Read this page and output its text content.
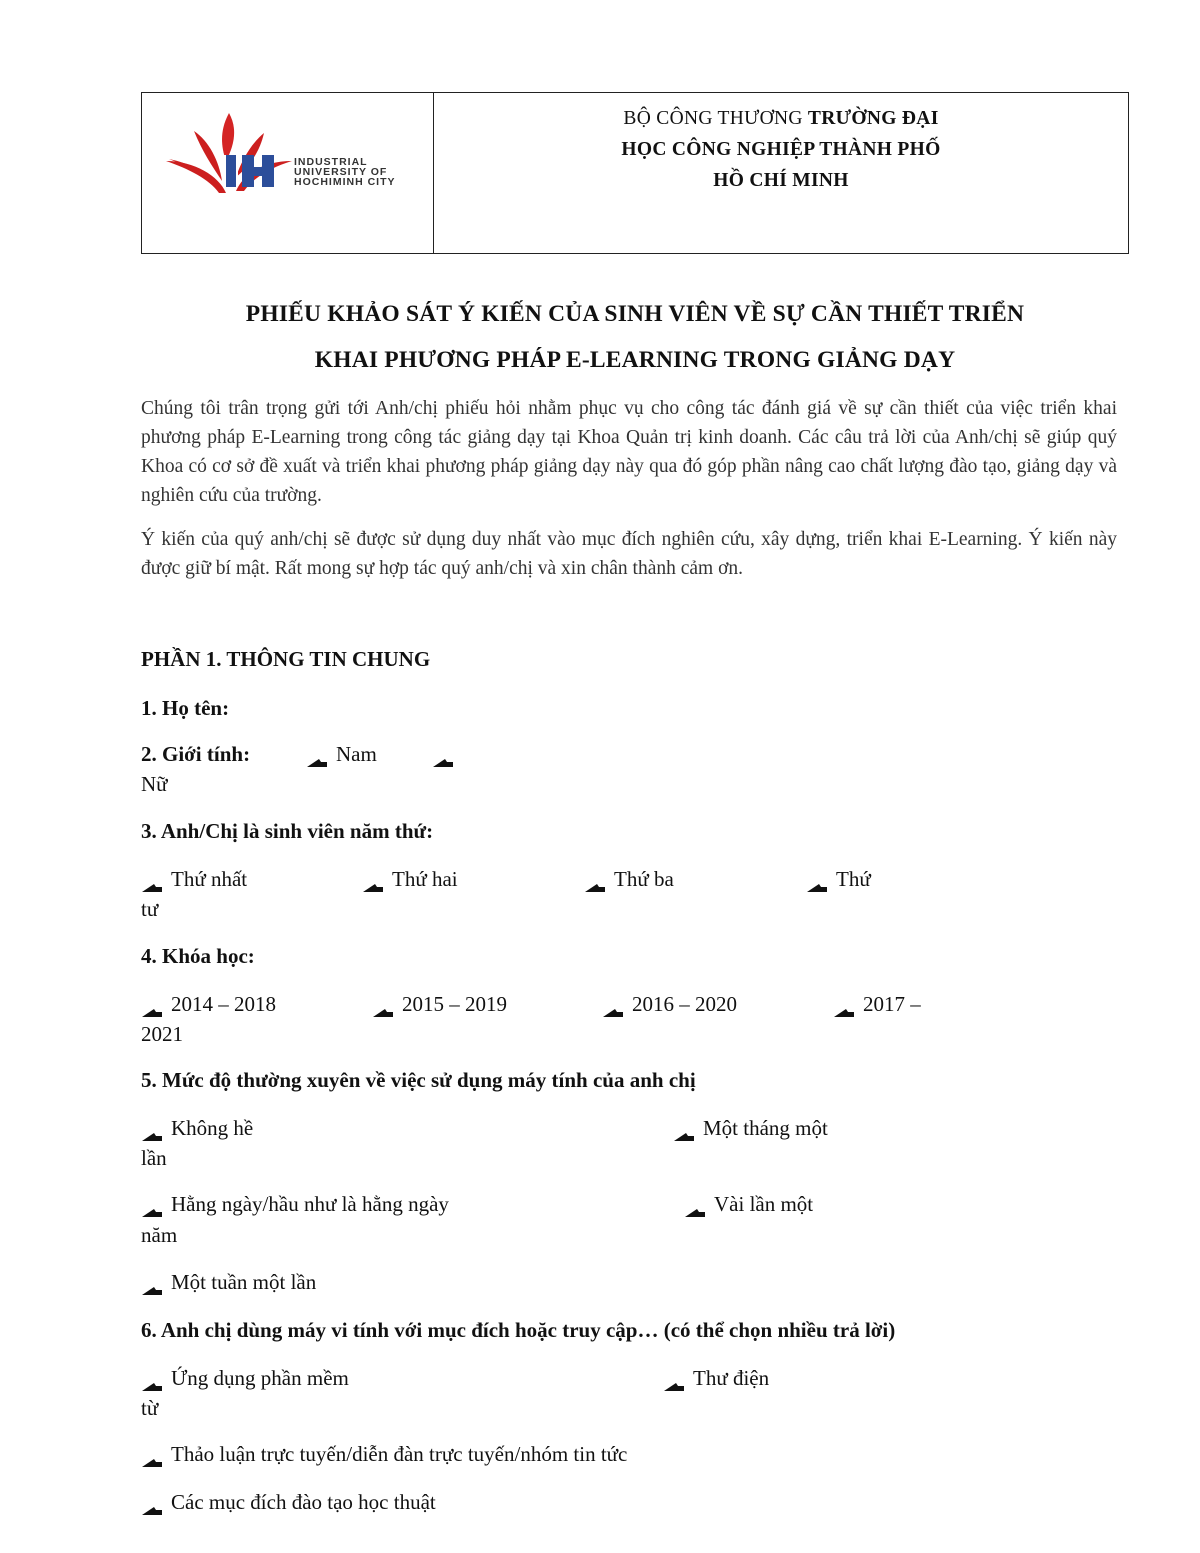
INDUSTRIAL
UNIVERSITY OF
HOCHIMINH CITY
BỘ CÔNG THƯƠNG TRƯỜNG ĐẠI
HỌC CÔNG NGHIỆP THÀNH PHỐ
HỒ CHÍ MINH
PHIẾU KHẢO SÁT Ý KIẾN CỦA SINH VIÊN VỀ SỰ CẦN THIẾT TRIỂN
KHAI PHƯƠNG PHÁP E-LEARNING TRONG GIẢNG DẠY

Chúng tôi trân trọng gửi tới Anh/chị phiếu hỏi nhằm phục vụ cho công tác đánh giá về sự cần thiết của việc triển khai phương pháp E-Learning trong công tác giảng dạy tại Khoa Quản trị kinh doanh. Các câu trả lời của Anh/chị sẽ giúp quý Khoa có cơ sở đề xuất và triển khai phương pháp giảng dạy này qua đó góp phần nâng cao chất lượng đào tạo, giảng dạy và nghiên cứu của trường.

Ý kiến của quý anh/chị sẽ được sử dụng duy nhất vào mục đích nghiên cứu, xây dựng, triển khai E-Learning. Ý kiến này được giữ bí mật. Rất mong sự hợp tác quý anh/chị và xin chân thành cảm ơn.

PHẦN 1. THÔNG TIN CHUNG
1. Họ tên:
2. Giới tính:	Nam
Nữ
3. Anh/Chị là sinh viên năm thứ:
Thứ nhất	Thứ hai	Thứ ba	Thứ
tư
4. Khóa học:
2014 – 2018	2015 – 2019	2016 – 2020	2017 –
2021
5. Mức độ thường xuyên về việc sử dụng máy tính của anh chị
Không hề
lần
Một tháng một
Hằng ngày/hầu như là hằng ngày	Vài lần một
năm
Một tuần một lần
6. Anh chị dùng máy vi tính với mục đích hoặc truy cập… (có thể chọn nhiều trả lời)
Ứng dụng phần mềm
từ
Thư điện
Thảo luận trực tuyến/diễn đàn trực tuyến/nhóm tin tức
Các mục đích đào tạo học thuật
